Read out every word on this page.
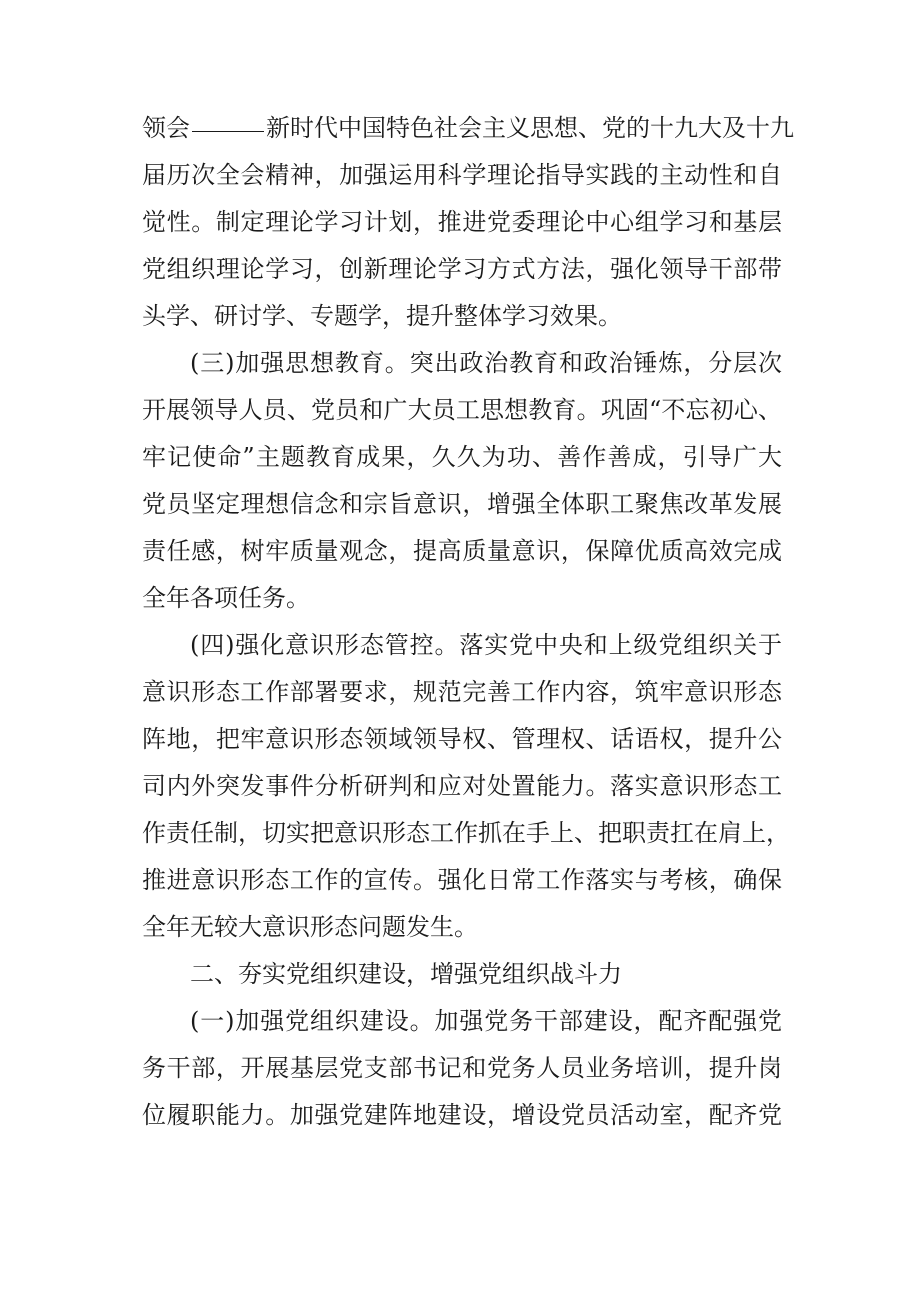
领会	新时代中国特色社会主义思想、党的十九大及十九
届历次全会精神，加强运用科学理论指导实践的主动性和自
觉性。制定理论学习计划，推进党委理论中心组学习和基层
党组织理论学习，创新理论学习方式方法，强化领导干部带
头学、研讨学、专题学，提升整体学习效果。

(三)加强思想教育。突出政治教育和政治锤炼，分层次
开展领导人员、党员和广大员工思想教育。巩固“不忘初心、
牢记使命”主题教育成果，久久为功、善作善成，引导广大
党员坚定理想信念和宗旨意识，增强全体职工聚焦改革发展
责任感，树牢质量观念，提高质量意识，保障优质高效完成
全年各项任务。

(四)强化意识形态管控。落实党中央和上级党组织关于
意识形态工作部署要求，规范完善工作内容，筑牢意识形态
阵地，把牢意识形态领域领导权、管理权、话语权，提升公
司内外突发事件分析研判和应对处置能力。落实意识形态工
作责任制，切实把意识形态工作抓在手上、把职责扛在肩上，
推进意识形态工作的宣传。强化日常工作落实与考核，确保
全年无较大意识形态问题发生。

二、夯实党组织建设，增强党组织战斗力

(一)加强党组织建设。加强党务干部建设，配齐配强党
务干部，开展基层党支部书记和党务人员业务培训，提升岗
位履职能力。加强党建阵地建设，增设党员活动室，配齐党
